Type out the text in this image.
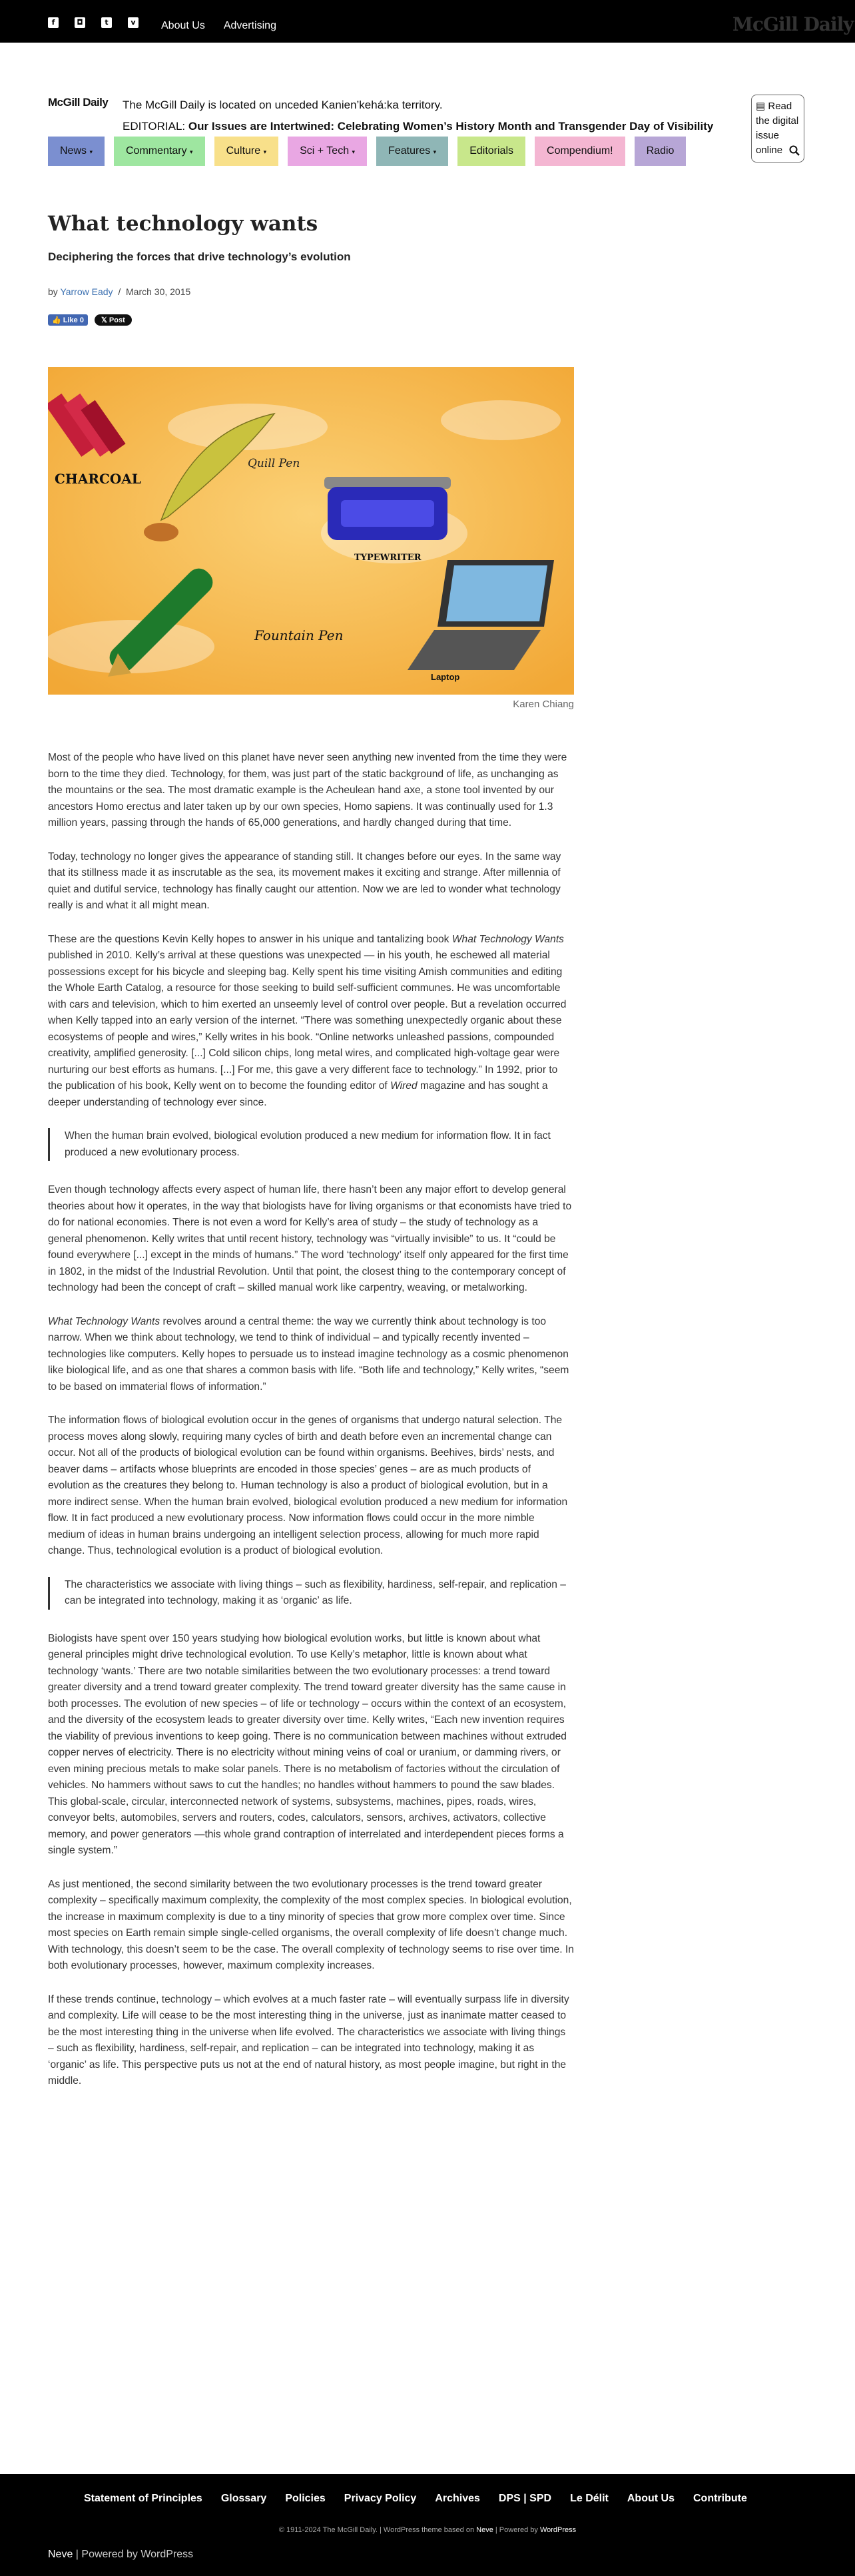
f	◘	t	v About Us Advertising	McGill Daily
McGill Daily The McGill Daily is located on unceded Kanien’kehá:ka territory.
EDITORIAL: Our Issues are Intertwined: Celebrating Women’s History Month and Transgender Day of Visibility
▤ Read the digital issue online
News ▾	Commentary ▾	Culture ▾	Sci + Tech ▾	Features ▾	Editorials	Compendium!	Radio
What technology wants
Deciphering the forces that drive technology’s evolution
by Yarrow Eady / March 30, 2015
👍 Like 0	𝕏 Post
CHARCOAL
Quill Pen
TYPEWRITER
Fountain Pen
Laptop
Karen Chiang

Most of the people who have lived on this planet have never seen anything new invented from the time they were born to the time they died. Technology, for them, was just part of the static background of life, as unchanging as the mountains or the sea. The most dramatic example is the Acheulean hand axe, a stone tool invented by our ancestors Homo erectus and later taken up by our own species, Homo sapiens. It was continually used for 1.3 million years, passing through the hands of 65,000 generations, and hardly changed during that time.

Today, technology no longer gives the appearance of standing still. It changes before our eyes. In the same way that its stillness made it as inscrutable as the sea, its movement makes it exciting and strange. After millennia of quiet and dutiful service, technology has finally caught our attention. Now we are led to wonder what technology really is and what it all might mean.

These are the questions Kevin Kelly hopes to answer in his unique and tantalizing book What Technology Wants published in 2010. Kelly’s arrival at these questions was unexpected — in his youth, he eschewed all material possessions except for his bicycle and sleeping bag. Kelly spent his time visiting Amish communities and editing the Whole Earth Catalog, a resource for those seeking to build self-sufficient communes. He was uncomfortable with cars and television, which to him exerted an unseemly level of control over people. But a revelation occurred when Kelly tapped into an early version of the internet. “There was something unexpectedly organic about these ecosystems of people and wires,” Kelly writes in his book. “Online networks unleashed passions, compounded creativity, amplified generosity. [...] Cold silicon chips, long metal wires, and complicated high-voltage gear were nurturing our best efforts as humans. [...] For me, this gave a very different face to technology.” In 1992, prior to the publication of his book, Kelly went on to become the founding editor of Wired magazine and has sought a deeper understanding of technology ever since.

When the human brain evolved, biological evolution produced a new medium for information flow. It in fact produced a new evolutionary process.

Even though technology affects every aspect of human life, there hasn’t been any major effort to develop general theories about how it operates, in the way that biologists have for living organisms or that economists have tried to do for national economies. There is not even a word for Kelly’s area of study – the study of technology as a general phenomenon. Kelly writes that until recent history, technology was “virtually invisible” to us. It “could be found everywhere [...] except in the minds of humans.” The word ‘technology’ itself only appeared for the first time in 1802, in the midst of the Industrial Revolution. Until that point, the closest thing to the contemporary concept of technology had been the concept of craft – skilled manual work like carpentry, weaving, or metalworking.

What Technology Wants revolves around a central theme: the way we currently think about technology is too narrow. When we think about technology, we tend to think of individual – and typically recently invented – technologies like computers. Kelly hopes to persuade us to instead imagine technology as a cosmic phenomenon like biological life, and as one that shares a common basis with life. “Both life and technology,” Kelly writes, “seem to be based on immaterial flows of information.”

The information flows of biological evolution occur in the genes of organisms that undergo natural selection. The process moves along slowly, requiring many cycles of birth and death before even an incremental change can occur. Not all of the products of biological evolution can be found within organisms. Beehives, birds’ nests, and beaver dams – artifacts whose blueprints are encoded in those species’ genes – are as much products of evolution as the creatures they belong to. Human technology is also a product of biological evolution, but in a more indirect sense. When the human brain evolved, biological evolution produced a new medium for information flow. It in fact produced a new evolutionary process. Now information flows could occur in the more nimble medium of ideas in human brains undergoing an intelligent selection process, allowing for much more rapid change. Thus, technological evolution is a product of biological evolution.

The characteristics we associate with living things – such as flexibility, hardiness, self-repair, and replication – can be integrated into technology, making it as ‘organic’ as life.

Biologists have spent over 150 years studying how biological evolution works, but little is known about what general principles might drive technological evolution. To use Kelly’s metaphor, little is known about what technology ‘wants.’ There are two notable similarities between the two evolutionary processes: a trend toward greater diversity and a trend toward greater complexity. The trend toward greater diversity has the same cause in both processes. The evolution of new species – of life or technology – occurs within the context of an ecosystem, and the diversity of the ecosystem leads to greater diversity over time. Kelly writes, “Each new invention requires the viability of previous inventions to keep going. There is no communication between machines without extruded copper nerves of electricity. There is no electricity without mining veins of coal or uranium, or damming rivers, or even mining precious metals to make solar panels. There is no metabolism of factories without the circulation of vehicles. No hammers without saws to cut the handles; no handles without hammers to pound the saw blades. This global-scale, circular, interconnected network of systems, subsystems, machines, pipes, roads, wires, conveyor belts, automobiles, servers and routers, codes, calculators, sensors, archives, activators, collective memory, and power generators —this whole grand contraption of interrelated and interdependent pieces forms a single system.”

As just mentioned, the second similarity between the two evolutionary processes is the trend toward greater complexity – specifically maximum complexity, the complexity of the most complex species. In biological evolution, the increase in maximum complexity is due to a tiny minority of species that grow more complex over time. Since most species on Earth remain simple single-celled organisms, the overall complexity of life doesn’t change much. With technology, this doesn’t seem to be the case. The overall complexity of technology seems to rise over time. In both evolutionary processes, however, maximum complexity increases.

If these trends continue, technology – which evolves at a much faster rate – will eventually surpass life in diversity and complexity. Life will cease to be the most interesting thing in the universe, just as inanimate matter ceased to be the most interesting thing in the universe when life evolved. The characteristics we associate with living things – such as flexibility, hardiness, self-repair, and replication – can be integrated into technology, making it as ‘organic’ as life. This perspective puts us not at the end of natural history, as most people imagine, but right in the middle.

Statement of Principles Glossary Policies Privacy Policy Archives DPS | SPD Le Délit About Us Contribute
© 1911-2024 The McGill Daily. | WordPress theme based on Neve | Powered by WordPress
Neve | Powered by WordPress
